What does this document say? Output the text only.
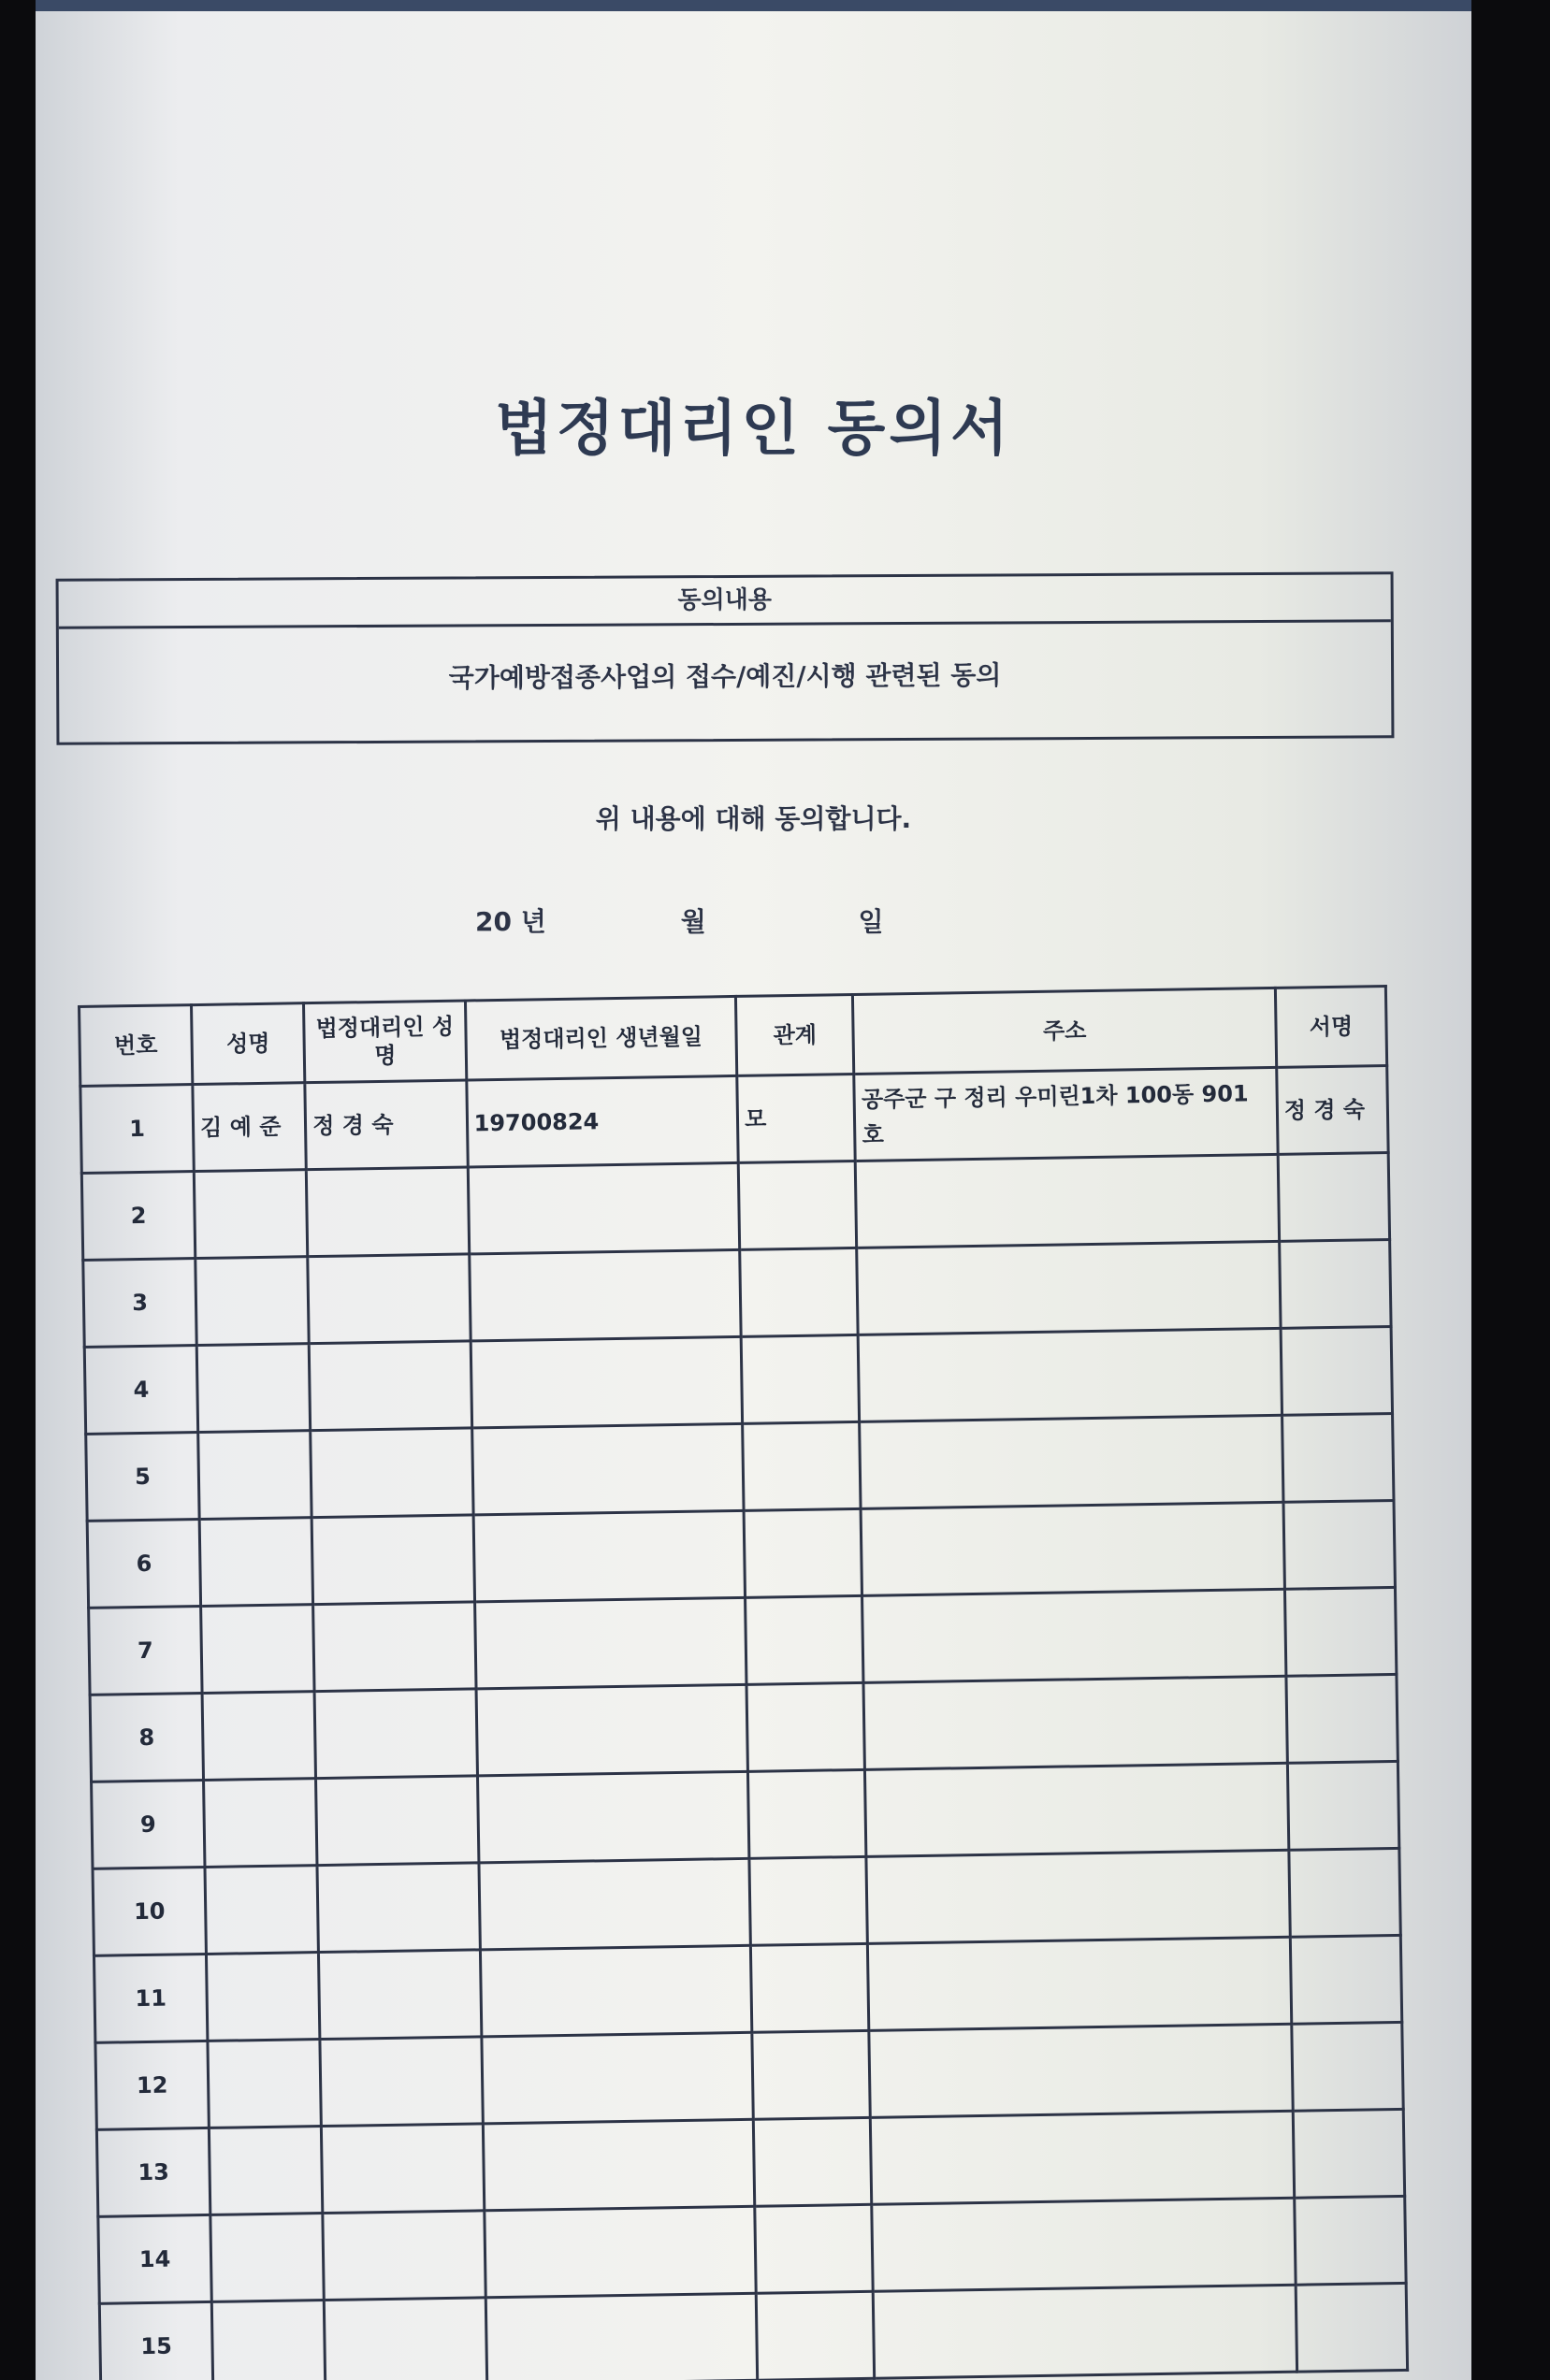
법정대리인 동의서
동의내용
국가예방접종사업의 접수/예진/시행 관련된 동의
위 내용에 대해 동의합니다.
20 년	월	일
번호	성명	법정대리인 성명	법정대리인 생년월일	관계	주소	서명
1	김 예 준	정 경 숙	19700824	모	공주군 구 정리 우미린1차 100동 901호	정 경 숙
2						
3						
4						
5						
6						
7						
8						
9						
10						
11						
12						
13						
14						
15						
